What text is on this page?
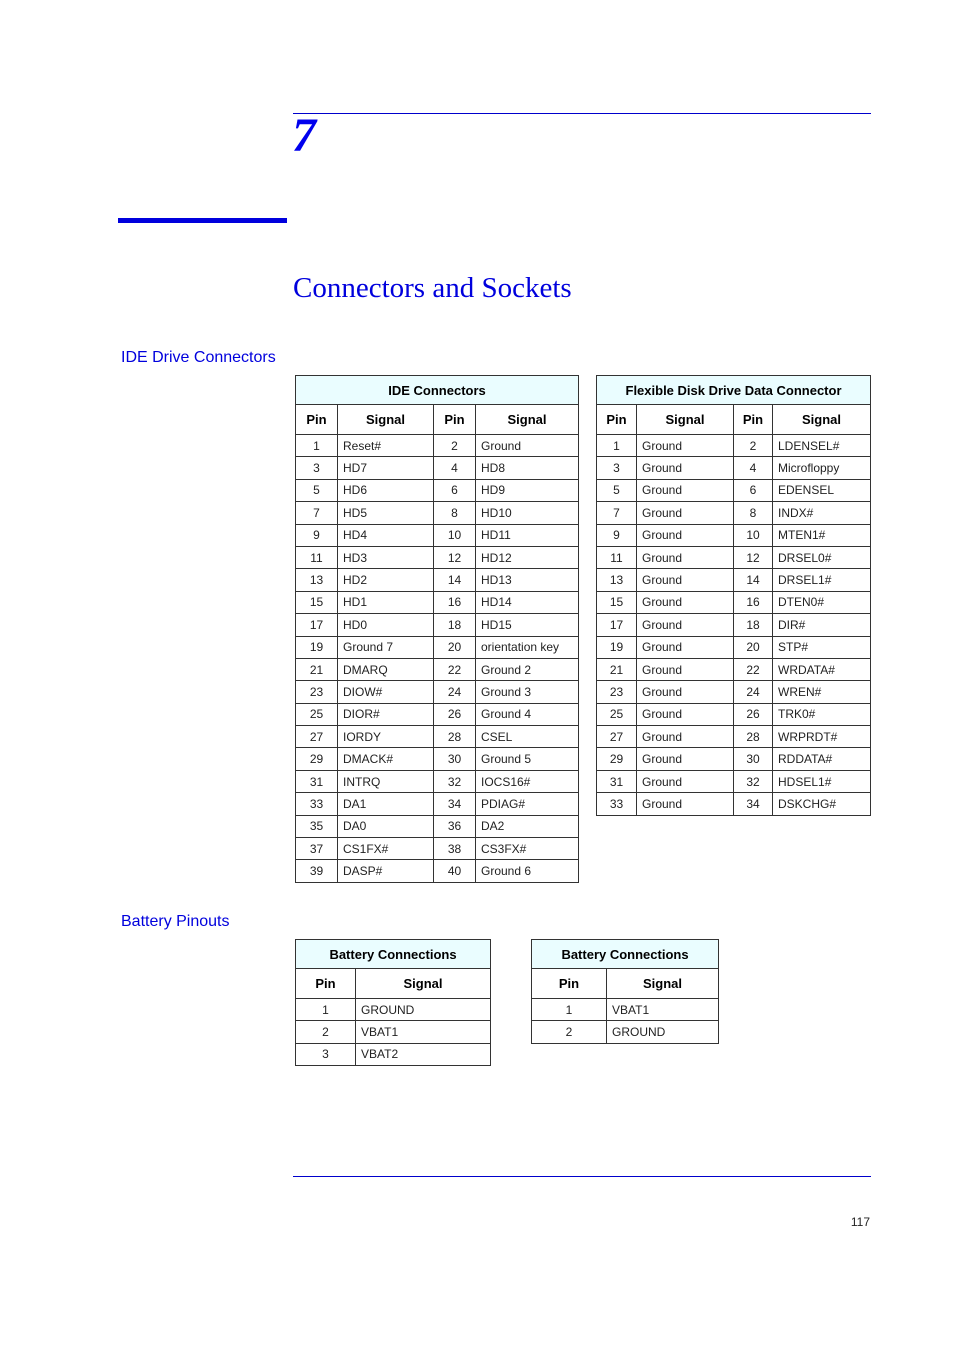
7
Connectors and Sockets
IDE Drive Connectors
IDE Connectors			
Pin	Signal	Pin	Signal
1	Reset#	2	Ground
3	HD7	4	HD8
5	HD6	6	HD9
7	HD5	8	HD10
9	HD4	10	HD11
11	HD3	12	HD12
13	HD2	14	HD13
15	HD1	16	HD14
17	HD0	18	HD15
19	Ground 7	20	orientation key
21	DMARQ	22	Ground 2
23	DIOW#	24	Ground 3
25	DIOR#	26	Ground 4
27	IORDY	28	CSEL
29	DMACK#	30	Ground 5
31	INTRQ	32	IOCS16#
33	DA1	34	PDIAG#
35	DA0	36	DA2
37	CS1FX#	38	CS3FX#
39	DASP#	40	Ground 6
Flexible Disk Drive Data Connector			
Pin	Signal	Pin	Signal
1	Ground	2	LDENSEL#
3	Ground	4	Microfloppy
5	Ground	6	EDENSEL
7	Ground	8	INDX#
9	Ground	10	MTEN1#
11	Ground	12	DRSEL0#
13	Ground	14	DRSEL1#
15	Ground	16	DTEN0#
17	Ground	18	DIR#
19	Ground	20	STP#
21	Ground	22	WRDATA#
23	Ground	24	WREN#
25	Ground	26	TRK0#
27	Ground	28	WRPRDT#
29	Ground	30	RDDATA#
31	Ground	32	HDSEL1#
33	Ground	34	DSKCHG#
Battery Pinouts
Battery Connections	
Pin	Signal
1	GROUND
2	VBAT1
3	VBAT2
Battery Connections	
Pin	Signal
1	VBAT1
2	GROUND
117
